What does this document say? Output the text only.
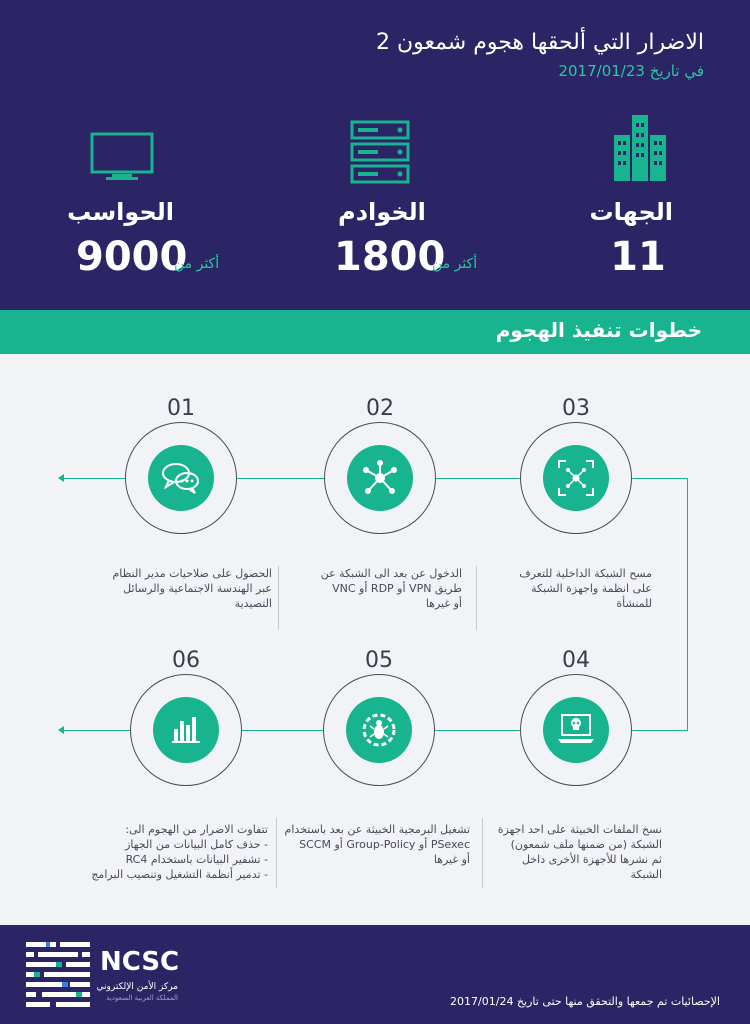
الاضرار التي ألحقها هجوم شمعون 2
في تاريخ 2017/01/23
الجهات
11
الخوادم
1800
أكثر من
الحواسب
9000
أكثر من
خطوات تنفيذ الهجوم
01
الحصول على صلاحيات مدير النظام
عبر الهندسة الاجتماعية والرسائل
التصيدية
02
الدخول عن بعد الى الشبكة عن
طريق VPN أو RDP أو VNC
أو غيرها
03
مسح الشبكة الداخلية للتعرف
على انظمة واجهزة الشبكة
للمنشأة
06
تتفاوت الاضرار من الهجوم الى:
- حذف كامل البيانات من الجهاز
- تشفير البيانات باستخدام RC4
- تدمير أنظمة التشغيل وتنصيب البرامج
05
تشغيل البرمجية الخبيثة عن بعد باستخدام
PSexec أو Group-Policy أو SCCM
أو غيرها
04
نسخ الملفات الخبيثة على احد اجهزة
الشبكة (من ضمنها ملف شمعون)
ثم نشرها للأجهزة الأخرى داخل
الشبكة
NCSC
مركز الأمن الإلكتروني
المملكة العربية السعودية	الإحصائيات تم جمعها والتحقق منها حتى تاريخ 2017/01/24
